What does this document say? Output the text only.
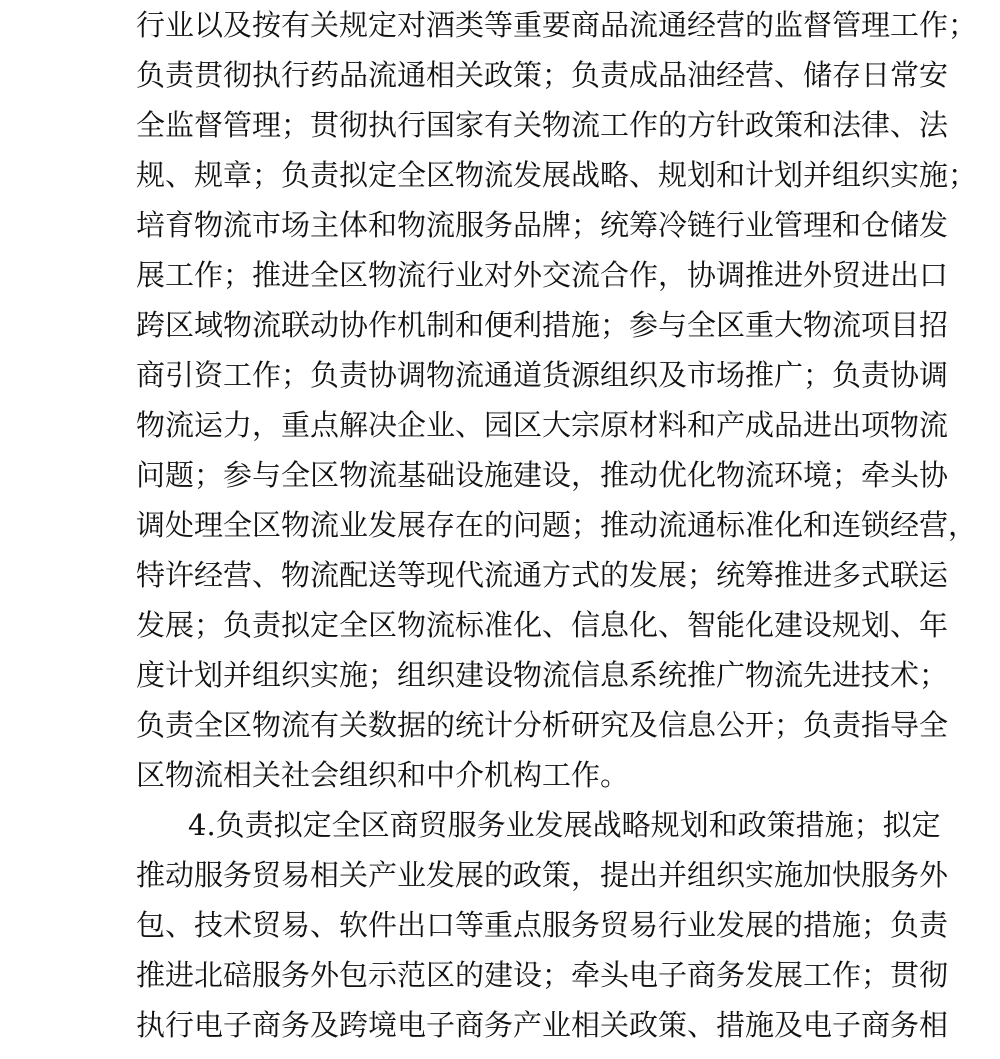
行业以及按有关规定对酒类等重要商品流通经营的监督管理工作；
负责贯彻执行药品流通相关政策；负责成品油经营、储存日常安
全监督管理；贯彻执行国家有关物流工作的方针政策和法律、法
规、规章；负责拟定全区物流发展战略、规划和计划并组织实施；
培育物流市场主体和物流服务品牌；统筹冷链行业管理和仓储发
展工作；推进全区物流行业对外交流合作，协调推进外贸进出口
跨区域物流联动协作机制和便利措施；参与全区重大物流项目招
商引资工作；负责协调物流通道货源组织及市场推广；负责协调
物流运力，重点解决企业、园区大宗原材料和产成品进出项物流
问题；参与全区物流基础设施建设，推动优化物流环境；牵头协
调处理全区物流业发展存在的问题；推动流通标准化和连锁经营，
特许经营、物流配送等现代流通方式的发展；统筹推进多式联运
发展；负责拟定全区物流标准化、信息化、智能化建设规划、年
度计划并组织实施；组织建设物流信息系统推广物流先进技术；
负责全区物流有关数据的统计分析研究及信息公开；负责指导全
区物流相关社会组织和中介机构工作。
4.负责拟定全区商贸服务业发展战略规划和政策措施；拟定
推动服务贸易相关产业发展的政策，提出并组织实施加快服务外
包、技术贸易、软件出口等重点服务贸易行业发展的措施；负责
推进北碚服务外包示范区的建设；牵头电子商务发展工作；贯彻
执行电子商务及跨境电子商务产业相关政策、措施及电子商务相
